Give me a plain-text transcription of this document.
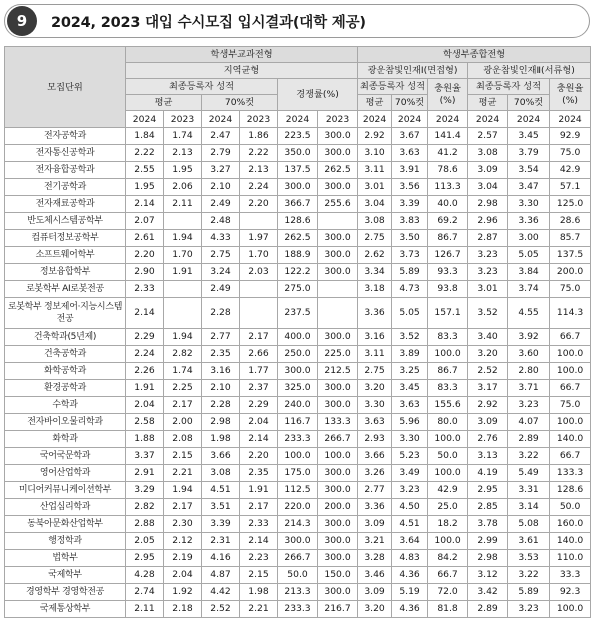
9	2024, 2023 대입 수시모집 입시결과(대학 제공)
모집단위	학생부교과전형						학생부종합전형					
	지역균형						광운참빛인재Ⅰ(면접형)			광운참빛인재Ⅱ(서류형)		
	최종등록자 성적				경쟁률(%)		최종등록자 성적		충원율 (%)	최종등록자 성적		충원율 (%)
	평균		70%컷				평균	70%컷		평균	70%컷	
	2024	2023	2024	2023	2024	2023	2024	2024	2024	2024	2024	2024
전자공학과	1.84	1.74	2.47	1.86	223.5	300.0	2.92	3.67	141.4	2.57	3.45	92.9
전자통신공학과	2.22	2.13	2.79	2.22	350.0	300.0	3.10	3.63	41.2	3.08	3.79	75.0
전자융합공학과	2.55	1.95	3.27	2.13	137.5	262.5	3.11	3.91	78.6	3.09	3.54	42.9
전기공학과	1.95	2.06	2.10	2.24	300.0	300.0	3.01	3.56	113.3	3.04	3.47	57.1
전자재료공학과	2.14	2.11	2.49	2.20	366.7	255.6	3.04	3.39	40.0	2.98	3.30	125.0
반도체시스템공학부	2.07		2.48		128.6		3.08	3.83	69.2	2.96	3.36	28.6
컴퓨터정보공학부	2.61	1.94	4.33	1.97	262.5	300.0	2.75	3.50	86.7	2.87	3.00	85.7
소프트웨어학부	2.20	1.70	2.75	1.70	188.9	300.0	2.62	3.73	126.7	3.23	5.05	137.5
정보융합학부	2.90	1.91	3.24	2.03	122.2	300.0	3.34	5.89	93.3	3.23	3.84	200.0
로봇학부 AI로봇전공	2.33		2.49		275.0		3.18	4.73	93.8	3.01	3.74	75.0
로봇학부 정보제어·지능시스템전공	2.14		2.28		237.5		3.36	5.05	157.1	3.52	4.55	114.3
건축학과(5년제)	2.29	1.94	2.77	2.17	400.0	300.0	3.16	3.52	83.3	3.40	3.92	66.7
건축공학과	2.24	2.82	2.35	2.66	250.0	225.0	3.11	3.89	100.0	3.20	3.60	100.0
화학공학과	2.26	1.74	3.16	1.77	300.0	212.5	2.75	3.25	86.7	2.52	2.80	100.0
환경공학과	1.91	2.25	2.10	2.37	325.0	300.0	3.20	3.45	83.3	3.17	3.71	66.7
수학과	2.04	2.17	2.28	2.29	240.0	300.0	3.30	3.63	155.6	2.92	3.23	75.0
전자바이오물리학과	2.58	2.00	2.98	2.04	116.7	133.3	3.63	5.96	80.0	3.09	4.07	100.0
화학과	1.88	2.08	1.98	2.14	233.3	266.7	2.93	3.30	100.0	2.76	2.89	140.0
국어국문학과	3.37	2.15	3.66	2.20	100.0	100.0	3.66	5.23	50.0	3.13	3.22	66.7
영어산업학과	2.91	2.21	3.08	2.35	175.0	300.0	3.26	3.49	100.0	4.19	5.49	133.3
미디어커뮤니케이션학부	3.29	1.94	4.51	1.91	112.5	300.0	2.77	3.23	42.9	2.95	3.31	128.6
산업심리학과	2.82	2.17	3.51	2.17	220.0	200.0	3.36	4.50	25.0	2.85	3.14	50.0
동북아문화산업학부	2.88	2.30	3.39	2.33	214.3	300.0	3.09	4.51	18.2	3.78	5.08	160.0
행정학과	2.05	2.12	2.31	2.14	300.0	300.0	3.21	3.64	100.0	2.99	3.61	140.0
법학부	2.95	2.19	4.16	2.23	266.7	300.0	3.28	4.83	84.2	2.98	3.53	110.0
국제학부	4.28	2.04	4.87	2.15	50.0	150.0	3.46	4.36	66.7	3.12	3.22	33.3
경영학부 경영학전공	2.74	1.92	4.42	1.98	213.3	300.0	3.09	5.19	72.0	3.42	5.89	92.3
국제통상학부	2.11	2.18	2.52	2.21	233.3	216.7	3.20	4.36	81.8	2.89	3.23	100.0
